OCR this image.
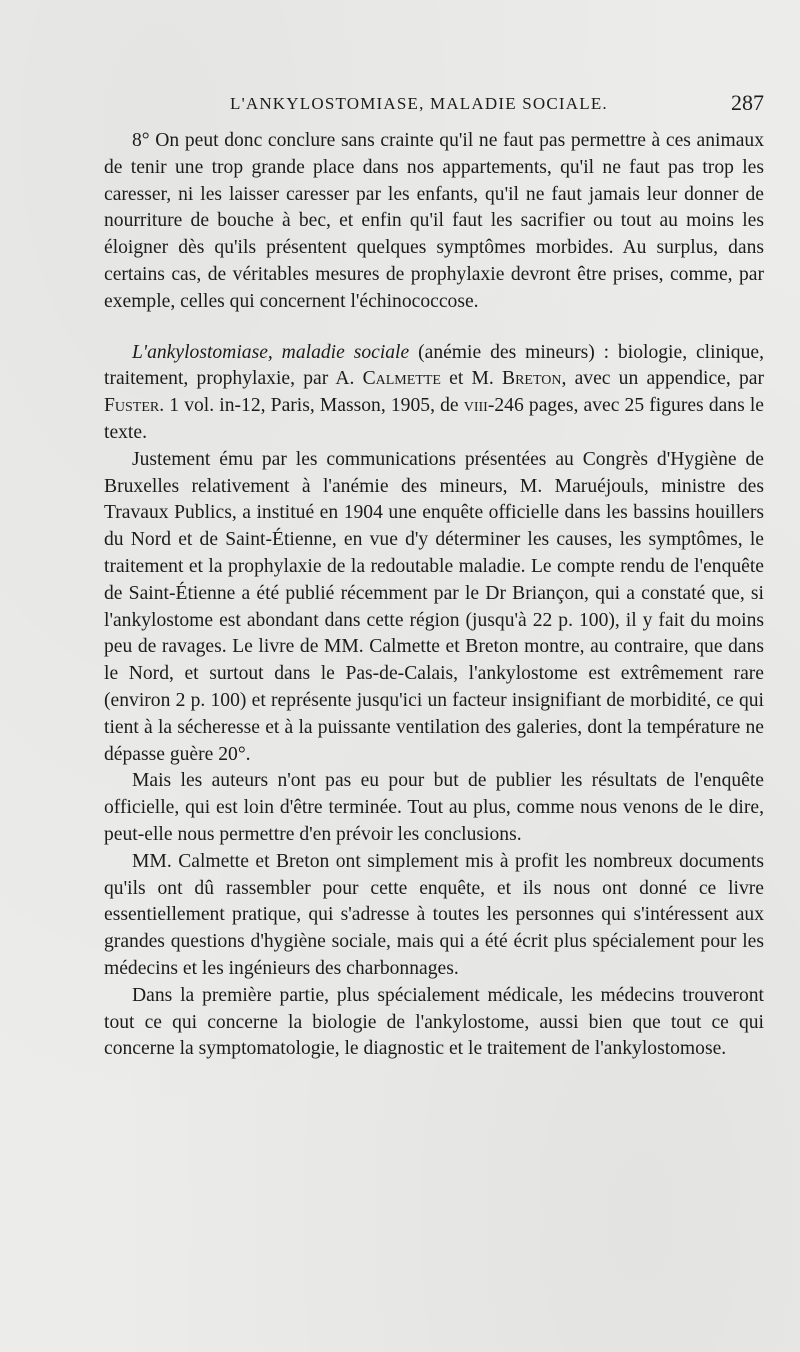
L'ANKYLOSTOMIASE, MALADIE SOCIALE.	287

8° On peut donc conclure sans crainte qu'il ne faut pas permettre à ces animaux de tenir une trop grande place dans nos appartements, qu'il ne faut pas trop les caresser, ni les laisser caresser par les enfants, qu'il ne faut jamais leur donner de nourriture de bouche à bec, et enfin qu'il faut les sacrifier ou tout au moins les éloigner dès qu'ils présentent quelques symptômes morbides. Au surplus, dans certains cas, de véritables mesures de prophylaxie devront être prises, comme, par exemple, celles qui concernent l'échinococcose.

L'ankylostomiase, maladie sociale (anémie des mineurs) : biologie, clinique, traitement, prophylaxie, par A. Calmette et M. Breton, avec un appendice, par Fuster. 1 vol. in-12, Paris, Masson, 1905, de viii-246 pages, avec 25 figures dans le texte.

Justement ému par les communications présentées au Congrès d'Hygiène de Bruxelles relativement à l'anémie des mineurs, M. Maruéjouls, ministre des Travaux Publics, a institué en 1904 une enquête officielle dans les bassins houillers du Nord et de Saint-Étienne, en vue d'y déterminer les causes, les symptômes, le traitement et la prophylaxie de la redoutable maladie. Le compte rendu de l'enquête de Saint-Étienne a été publié récemment par le Dr Briançon, qui a constaté que, si l'ankylostome est abondant dans cette région (jusqu'à 22 p. 100), il y fait du moins peu de ravages. Le livre de MM. Calmette et Breton montre, au contraire, que dans le Nord, et surtout dans le Pas-de-Calais, l'ankylostome est extrêmement rare (environ 2 p. 100) et représente jusqu'ici un facteur insignifiant de morbidité, ce qui tient à la sécheresse et à la puissante ventilation des galeries, dont la température ne dépasse guère 20°.

Mais les auteurs n'ont pas eu pour but de publier les résultats de l'enquête officielle, qui est loin d'être terminée. Tout au plus, comme nous venons de le dire, peut-elle nous permettre d'en prévoir les conclusions.

MM. Calmette et Breton ont simplement mis à profit les nombreux documents qu'ils ont dû rassembler pour cette enquête, et ils nous ont donné ce livre essentiellement pratique, qui s'adresse à toutes les personnes qui s'intéressent aux grandes questions d'hygiène sociale, mais qui a été écrit plus spécialement pour les médecins et les ingénieurs des charbonnages.

Dans la première partie, plus spécialement médicale, les médecins trouveront tout ce qui concerne la biologie de l'ankylostome, aussi bien que tout ce qui concerne la symptomatologie, le diagnostic et le traitement de l'ankylostomose.
